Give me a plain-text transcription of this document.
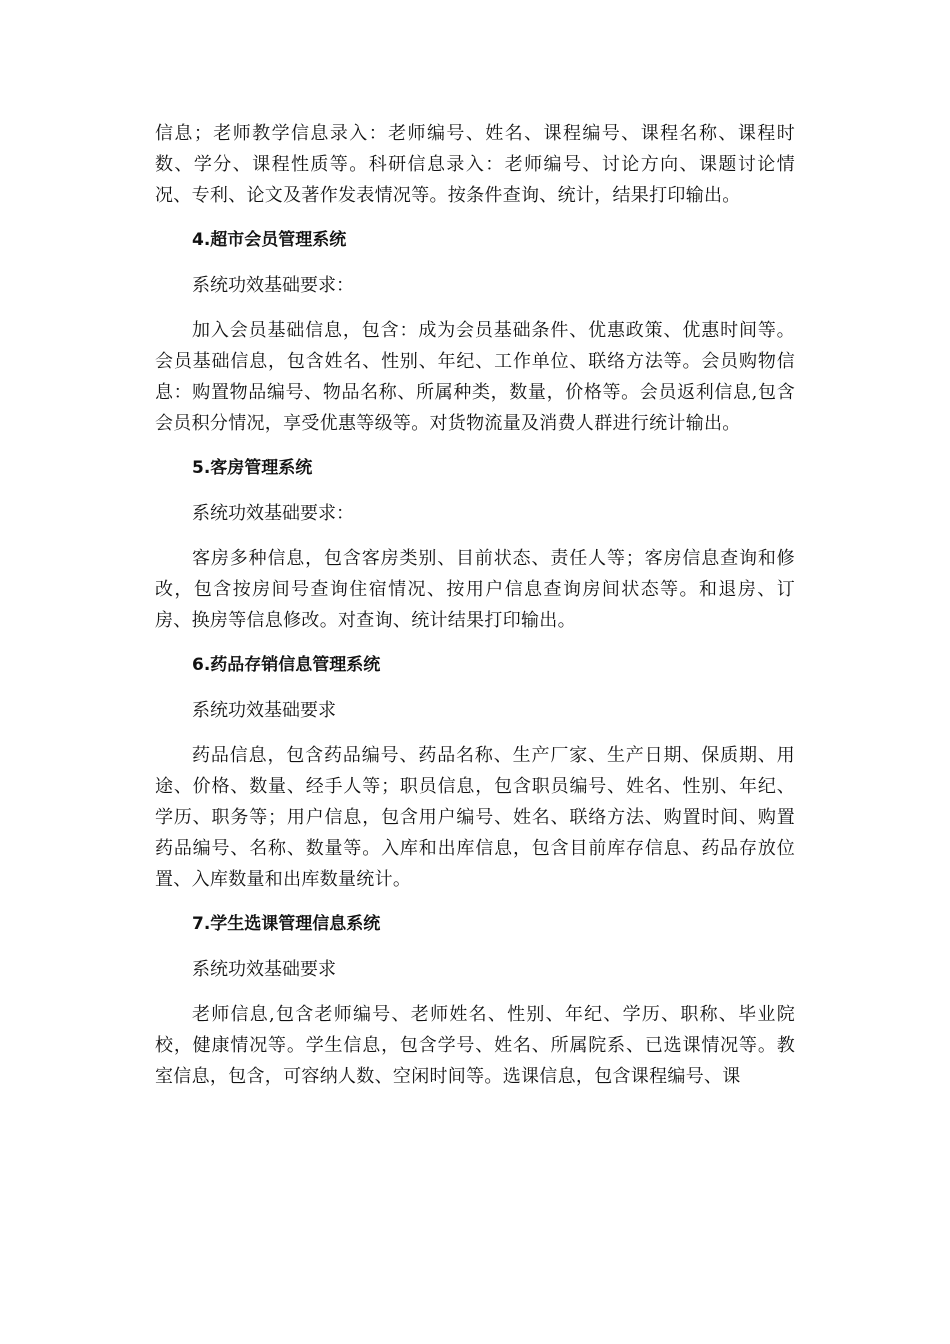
信息；老师教学信息录入：老师编号、姓名、课程编号、课程名称、课程时数、学分、课程性质等。科研信息录入：老师编号、讨论方向、课题讨论情况、专利、论文及著作发表情况等。按条件查询、统计，结果打印输出。

4.超市会员管理系统

系统功效基础要求：

加入会员基础信息，包含：成为会员基础条件、优惠政策、优惠时间等。会员基础信息，包含姓名、性别、年纪、工作单位、联络方法等。会员购物信息：购置物品编号、物品名称、所属种类，数量，价格等。会员返利信息,包含会员积分情况，享受优惠等级等。对货物流量及消费人群进行统计输出。

5.客房管理系统

系统功效基础要求：

客房多种信息，包含客房类别、目前状态、责任人等；客房信息查询和修改，包含按房间号查询住宿情况、按用户信息查询房间状态等。和退房、订房、换房等信息修改。对查询、统计结果打印输出。

6.药品存销信息管理系统

系统功效基础要求

药品信息，包含药品编号、药品名称、生产厂家、生产日期、保质期、用途、价格、数量、经手人等；职员信息，包含职员编号、姓名、性别、年纪、学历、职务等；用户信息，包含用户编号、姓名、联络方法、购置时间、购置药品编号、名称、数量等。入库和出库信息，包含目前库存信息、药品存放位置、入库数量和出库数量统计。

7.学生选课管理信息系统

系统功效基础要求

老师信息,包含老师编号、老师姓名、性别、年纪、学历、职称、毕业院校，健康情况等。学生信息，包含学号、姓名、所属院系、已选课情况等。教室信息，包含，可容纳人数、空闲时间等。选课信息，包含课程编号、课
